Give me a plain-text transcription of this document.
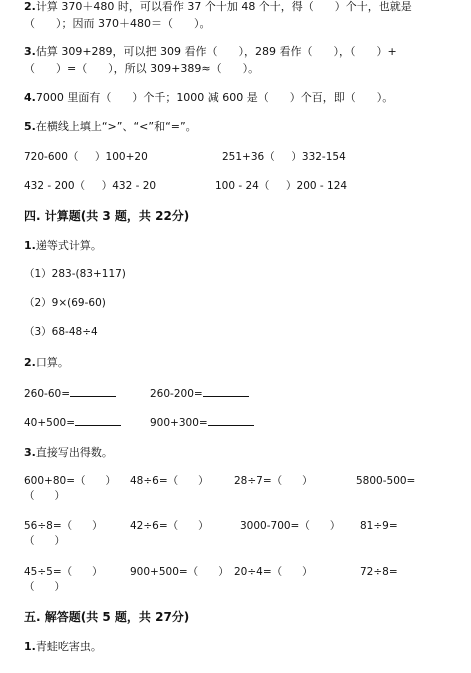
2.计算 370＋480 时，可以看作 37 个十加 48 个十，得（      ）个十，也就是
（      ）；因而 370＋480＝（      ）。
3.估算 309+289，可以把 309 看作（      ），289 看作（      ），（      ）+
（      ）=（      ），所以 309+389≈（      ）。
4.7000 里面有（      ）个千；1000 减 600 是（      ）个百，即（      ）。
5.在横线上填上“>”、“<”和“=”。
720-600（     ）100+20	251+36（     ）332-154
432 - 200（     ）432 - 20	100 - 24（     ）200 - 124
四. 计算题(共 3 题，共 22分)
1.递等式计算。
（1）283-(83+117)
（2）9×(69-60)
（3）68-48÷4
2.口算。
260-60=	260-200=
40+500=	900+300=
3.直接写出得数。
600+80=（      ） 48÷6=（      ） 28÷7=（      ）	5800-500=
（      ）
56÷8=（      ）	42÷6=（      ）	3000-700=（      ） 81÷9=
（      ）
45÷5=（      ）	900+500=（      ） 20÷4=（      ）	72÷8=
（      ）
五. 解答题(共 5 题，共 27分)
1.青蛙吃害虫。
